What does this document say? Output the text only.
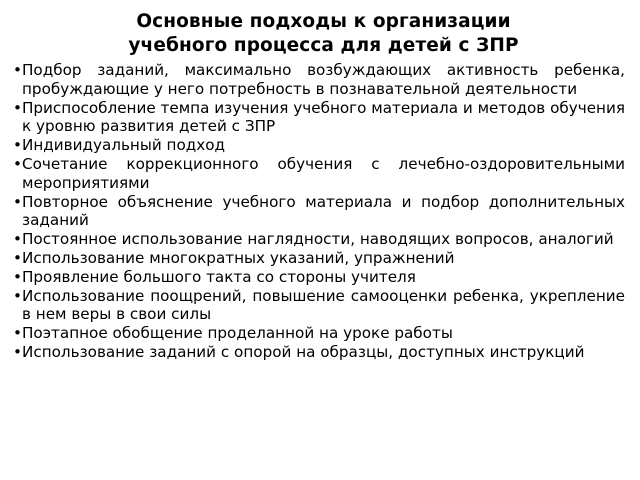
Основные подходы к организации
учебного процесса для детей с ЗПР
• Подбор заданий, максимально возбуждающих активность ребенка, пробуждающие у него потребность в познавательной деятельности
• Приспособление темпа изучения учебного материала и методов обучения к уровню развития детей с ЗПР
• Индивидуальный подход
• Сочетание коррекционного обучения с лечебно-оздоровительными мероприятиями
• Повторное объяснение учебного материала и подбор дополнительных заданий
• Постоянное использование наглядности, наводящих вопросов, аналогий
• Использование многократных указаний, упражнений
• Проявление большого такта со стороны учителя
• Использование поощрений, повышение самооценки ребенка, укрепление в нем веры в свои силы
• Поэтапное обобщение проделанной на уроке работы
• Использование заданий с опорой на образцы, доступных инструкций
